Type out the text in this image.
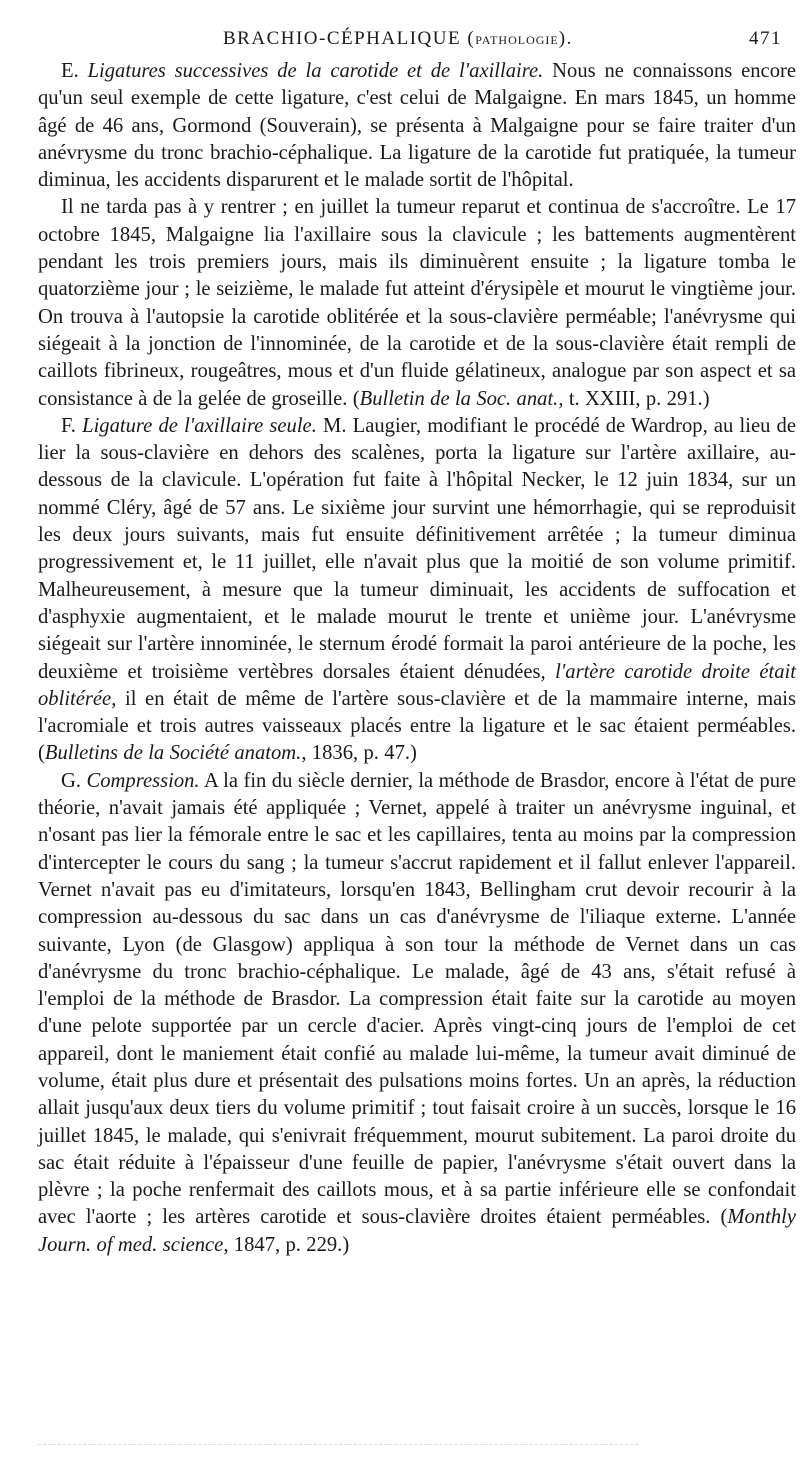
BRACHIO-CÉPHALIQUE (PATHOLOGIE).	471

E. Ligatures successives de la carotide et de l'axillaire. Nous ne connaissons encore qu'un seul exemple de cette ligature, c'est celui de Malgaigne. En mars 1845, un homme âgé de 46 ans, Gormond (Souverain), se présenta à Malgaigne pour se faire traiter d'un anévrysme du tronc brachio-céphalique. La ligature de la carotide fut pratiquée, la tumeur diminua, les accidents disparurent et le malade sortit de l'hôpital.

Il ne tarda pas à y rentrer ; en juillet la tumeur reparut et continua de s'accroître. Le 17 octobre 1845, Malgaigne lia l'axillaire sous la clavicule ; les battements augmentèrent pendant les trois premiers jours, mais ils diminuèrent ensuite ; la ligature tomba le quatorzième jour ; le seizième, le malade fut atteint d'érysipèle et mourut le vingtième jour. On trouva à l'autopsie la carotide oblitérée et la sous-clavière perméable; l'anévrysme qui siégeait à la jonction de l'innominée, de la carotide et de la sous-clavière était rempli de caillots fibrineux, rougeâtres, mous et d'un fluide gélatineux, analogue par son aspect et sa consistance à de la gelée de groseille. (Bulletin de la Soc. anat., t. XXIII, p. 291.)

F. Ligature de l'axillaire seule. M. Laugier, modifiant le procédé de Wardrop, au lieu de lier la sous-clavière en dehors des scalènes, porta la ligature sur l'artère axillaire, au-dessous de la clavicule. L'opération fut faite à l'hôpital Necker, le 12 juin 1834, sur un nommé Cléry, âgé de 57 ans. Le sixième jour survint une hémorrhagie, qui se reproduisit les deux jours suivants, mais fut ensuite définitivement arrêtée ; la tumeur diminua progressivement et, le 11 juillet, elle n'avait plus que la moitié de son volume primitif. Malheureusement, à mesure que la tumeur diminuait, les accidents de suffocation et d'asphyxie augmentaient, et le malade mourut le trente et unième jour. L'anévrysme siégeait sur l'artère innominée, le sternum érodé formait la paroi antérieure de la poche, les deuxième et troisième vertèbres dorsales étaient dénudées, l'artère carotide droite était oblitérée, il en était de même de l'artère sous-clavière et de la mammaire interne, mais l'acromiale et trois autres vaisseaux placés entre la ligature et le sac étaient perméables. (Bulletins de la Société anatom., 1836, p. 47.)

G. Compression. A la fin du siècle dernier, la méthode de Brasdor, encore à l'état de pure théorie, n'avait jamais été appliquée ; Vernet, appelé à traiter un anévrysme inguinal, et n'osant pas lier la fémorale entre le sac et les capillaires, tenta au moins par la compression d'intercepter le cours du sang ; la tumeur s'accrut rapidement et il fallut enlever l'appareil. Vernet n'avait pas eu d'imitateurs, lorsqu'en 1843, Bellingham crut devoir recourir à la compression au-dessous du sac dans un cas d'anévrysme de l'iliaque externe. L'année suivante, Lyon (de Glasgow) appliqua à son tour la méthode de Vernet dans un cas d'anévrysme du tronc brachio-céphalique. Le malade, âgé de 43 ans, s'était refusé à l'emploi de la méthode de Brasdor. La compression était faite sur la carotide au moyen d'une pelote supportée par un cercle d'acier. Après vingt-cinq jours de l'emploi de cet appareil, dont le maniement était confié au malade lui-même, la tumeur avait diminué de volume, était plus dure et présentait des pulsations moins fortes. Un an après, la réduction allait jusqu'aux deux tiers du volume primitif ; tout faisait croire à un succès, lorsque le 16 juillet 1845, le malade, qui s'enivrait fréquemment, mourut subitement. La paroi droite du sac était réduite à l'épaisseur d'une feuille de papier, l'anévrysme s'était ouvert dans la plèvre ; la poche renfermait des caillots mous, et à sa partie inférieure elle se confondait avec l'aorte ; les artères carotide et sous-clavière droites étaient perméables. (Monthly Journ. of med. science, 1847, p. 229.)
